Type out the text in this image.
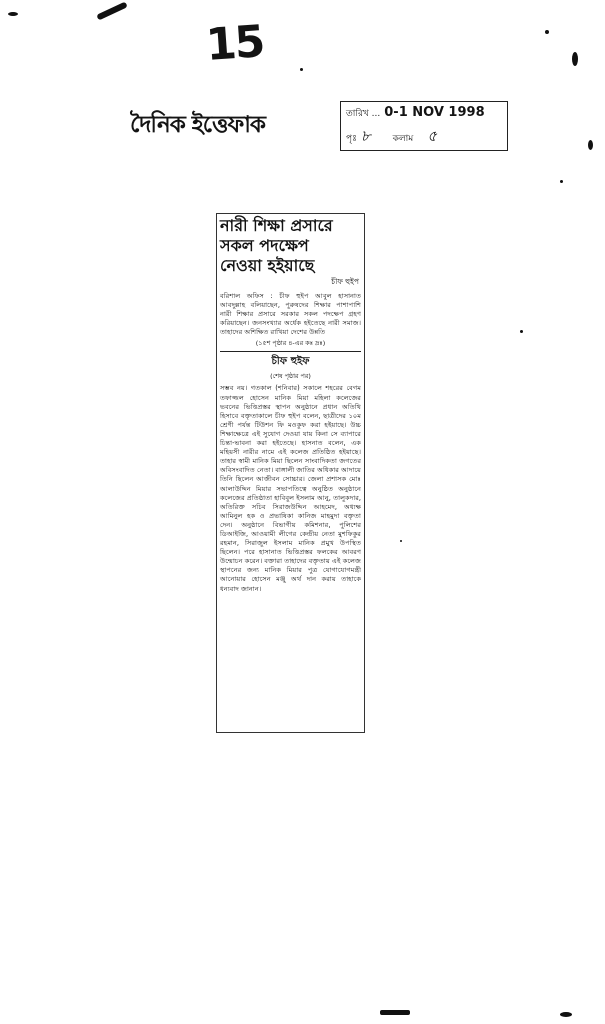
15
দৈনিক ইত্তেফাক	তারিখ ... 0-1 NOV 1998
পৃঃ ৮ কলাম ৫

নারী শিক্ষা প্রসারে

সকল পদক্ষেপ

নেওয়া হইয়াছে

চীফ হুইপ

বরিশাল অফিস : চীফ হুইপ আবুল হাসানাত আবদুল্লাহ বলিয়াছেন, পুরুষদের শিক্ষার পাশাপাশি নারী শিক্ষার প্রসারে সরকার সকল পদক্ষেপ গ্রহণ করিয়াছেন। জনসংখ্যার অর্ধেক হইতেছে নারী সমাজ। তাহাদের অশিক্ষিত রাখিয়া দেশের উন্নতি

(১৫শ পৃষ্ঠার ৪-এর কঃ দ্রঃ)
চীফ হুইফ
(শেষ পৃষ্ঠার পর)

সম্ভব নয়। গতকাল (শনিবার) সকালে শহরের বেগম তফাজ্জল হোসেন মানিক মিয়া মহিলা কলেজের ভবনের ভিত্তিপ্রস্তর স্থাপন অনুষ্ঠানে প্রধান অতিথি হিসাবে বক্তৃতাকালে চীফ হুইপ বলেন, ছাত্রীদের ১০ম শ্রেণী পর্যন্ত টিউশন ফি মওকুফ করা হইয়াছে। উচ্চ শিক্ষাক্ষেত্রে এই সুযোগ দেওয়া যায় কিনা সে ব্যাপারে চিন্তা-ভাবনা করা হইতেছে। হাসনাত বলেন, এক মহিয়সী নারীর নামে এই কলেজ প্রতিষ্ঠিত হইয়াছে। তাহার স্বামী মানিক মিয়া ছিলেন সাংবাদিকতা জগতের অবিসংবাদিত নেতা। বাঙ্গালী জাতির অধিকার আদায়ে তিনি ছিলেন আজীবন সোচ্চার। জেলা প্রশাসক মোঃ আলাউদ্দিন মিয়ার সভাপতিত্বে অনুষ্ঠিত অনুষ্ঠানে কলেজের প্রতিষ্ঠাতা হাবিবুল ইসলাম আনু, তালুকদার, অতিরিক্ত সচিব সিরাজউদ্দিন আহমেদ, অধ্যক্ষ আমিনুল হক ও প্রভাষিকা কানিজ মাহমুদা বক্তৃতা দেন। অনুষ্ঠানে বিভাগীয় কমিশনার, পুলিশের ডিআইজি, আওয়ামী লীগের কেন্দ্রীয় নেতা মুশফিকুর রহমান, সিরাজুল ইসলাম মানিক প্রমুখ উপস্থিত ছিলেন। পরে হাসানাত ভিত্তিপ্রস্তর ফলকের আবরণ উন্মোচন করেন। বক্তারা তাহাদের বক্তৃতায় এই কলেজ স্থাপনের জন্য মানিক মিয়ার পুত্র যোগাযোগমন্ত্রী আনোয়ার হোসেন মঞ্জু অর্থ দান করায় তাহাকে ধন্যবাদ জানান।
